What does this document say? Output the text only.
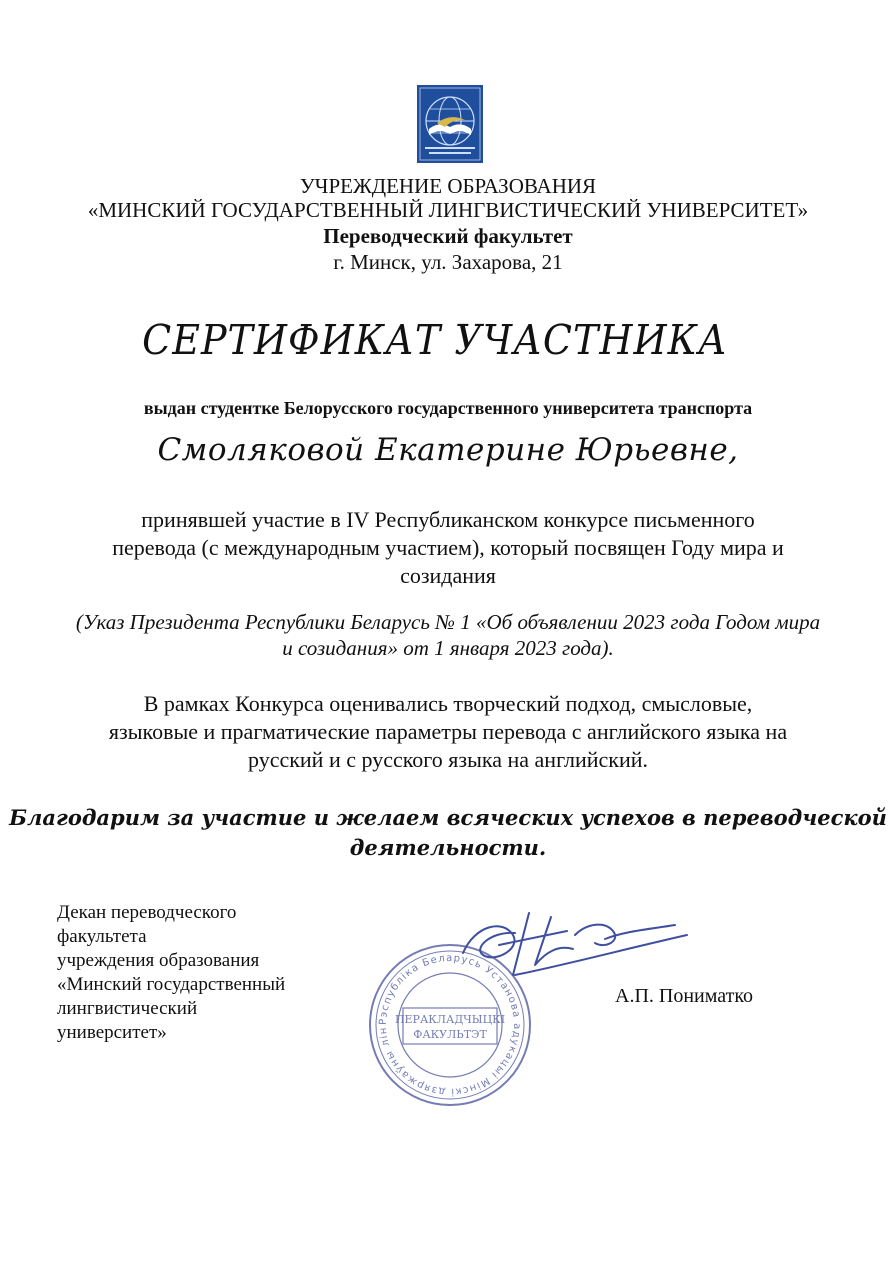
УЧРЕЖДЕНИЕ ОБРАЗОВАНИЯ
«МИНСКИЙ ГОСУДАРСТВЕННЫЙ ЛИНГВИСТИЧЕСКИЙ УНИВЕРСИТЕТ»
Переводческий факультет
г. Минск, ул. Захарова, 21
СЕРТИФИКАТ УЧАСТНИКА
выдан студентке Белорусского государственного университета транспорта
Смоляковой Екатерине Юрьевне,
принявшей участие в IV Республиканском конкурсе письменного
перевода (с международным участием), который посвящен Году мира и
созидания
(Указ Президента Республики Беларусь № 1 «Об объявлении 2023 года Годом мира
и созидания» от 1 января 2023 года).
В рамках Конкурса оценивались творческий подход, смысловые,
языковые и прагматические параметры перевода с английского языка на
русский и с русского языка на английский.
Благодарим за участие и желаем всяческих успехов в переводческой
деятельности.
Декан переводческого
факультета
учреждения образования
«Минский государственный
лингвистический
университет»
Рэспубліка Беларусь Установа адукацыі Мінскі дзяржаўны лін
ПЕРАКЛАДЧЫЦКІ
ФАКУЛЬТЭТ
А.П. Пониматко
